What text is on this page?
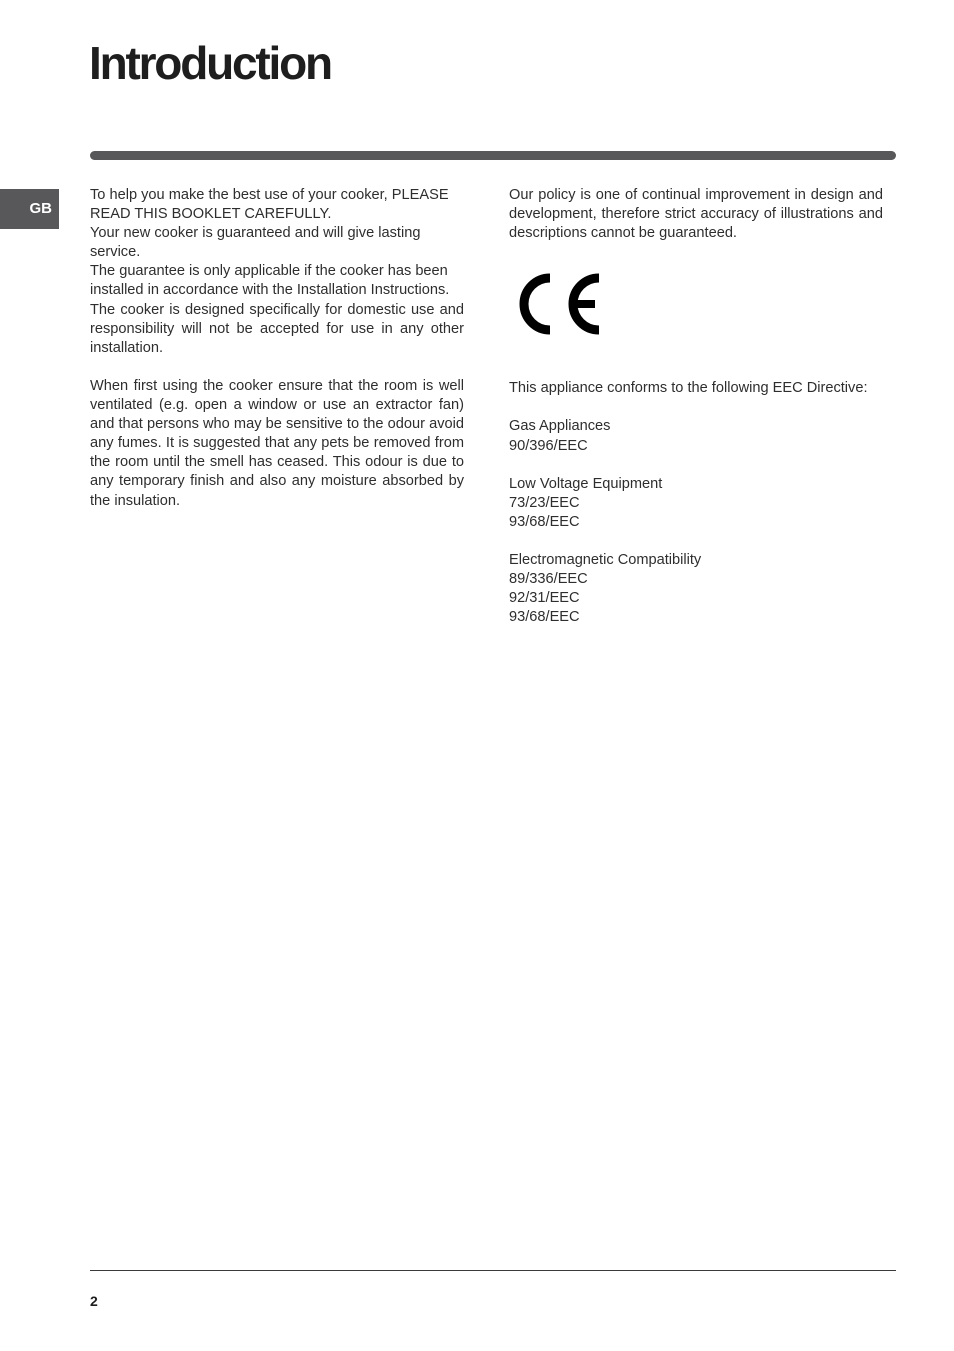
Introduction
GB

To help you make the best use of your cooker, PLEASE READ THIS BOOKLET CAREFULLY.

Your new cooker is guaranteed and will give lasting service.

The guarantee is only applicable if the cooker has been installed in accordance with the Installation Instructions.

The cooker is designed specifically for domestic use and responsibility will not be accepted for use in any other installation.

When first using the cooker ensure that the room is well ventilated (e.g. open a window or use an extractor fan) and that persons who may be sensitive to the odour avoid any fumes. It is suggested that any pets be removed from the room until the smell has ceased. This odour is due to any temporary finish and also any moisture absorbed by the insulation.

Our policy is one of continual improvement in design and development, therefore strict accuracy of illustrations and descriptions cannot be guaranteed.

This appliance conforms to the following EEC Directive:

Gas Appliances

90/396/EEC

Low Voltage Equipment

73/23/EEC

93/68/EEC

Electromagnetic Compatibility

89/336/EEC

92/31/EEC

93/68/EEC

2
